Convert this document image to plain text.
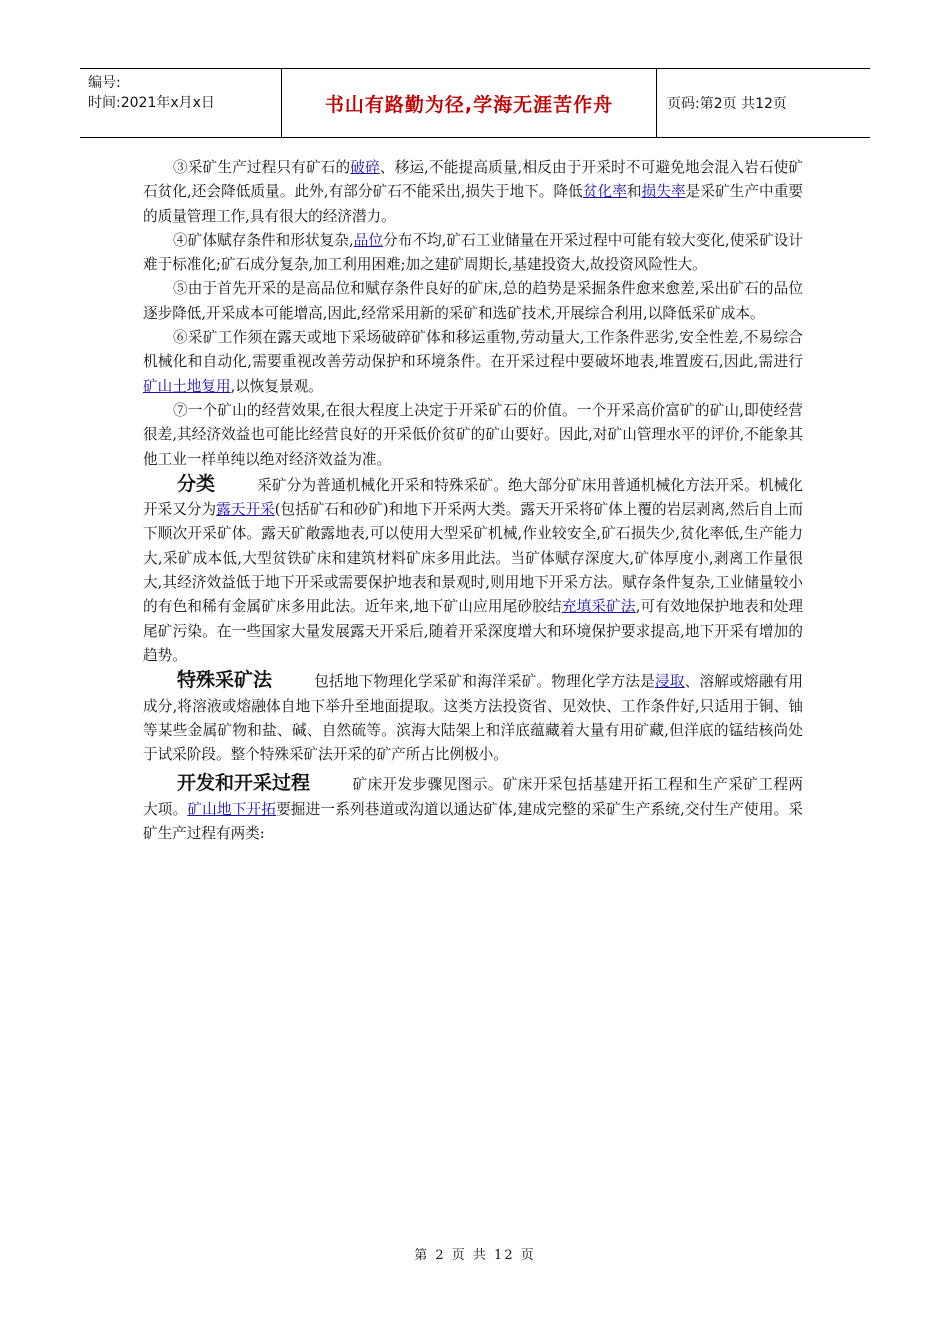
编号:
时间:2021年x月x日	书山有路勤为径,学海无涯苦作舟	页码:第2页 共12页

③采矿生产过程只有矿石的破碎、移运,不能提高质量,相反由于开采时不可避免地会混入岩石使矿石贫化,还会降低质量。此外,有部分矿石不能采出,损失于地下。降低贫化率和损失率是采矿生产中重要的质量管理工作,具有很大的经济潜力。

④矿体赋存条件和形状复杂,品位分布不均,矿石工业储量在开采过程中可能有较大变化,使采矿设计难于标准化;矿石成分复杂,加工利用困难;加之建矿周期长,基建投资大,故投资风险性大。

⑤由于首先开采的是高品位和赋存条件良好的矿床,总的趋势是采掘条件愈来愈差,采出矿石的品位逐步降低,开采成本可能增高,因此,经常采用新的采矿和选矿技术,开展综合利用,以降低采矿成本。

⑥采矿工作须在露天或地下采场破碎矿体和移运重物,劳动量大,工作条件恶劣,安全性差,不易综合机械化和自动化,需要重视改善劳动保护和环境条件。在开采过程中要破坏地表,堆置废石,因此,需进行矿山土地复用,以恢复景观。

⑦一个矿山的经营效果,在很大程度上决定于开采矿石的价值。一个开采高价富矿的矿山,即使经营很差,其经济效益也可能比经营良好的开采低价贫矿的矿山要好。因此,对矿山管理水平的评价,不能象其他工业一样单纯以绝对经济效益为准。

分类	采矿分为普通机械化开采和特殊采矿。绝大部分矿床用普通机械化方法开采。机械化开采又分为露天开采(包括矿石和砂矿)和地下开采两大类。露天开采将矿体上覆的岩层剥离,然后自上而下顺次开采矿体。露天矿敞露地表,可以使用大型采矿机械,作业较安全,矿石损失少,贫化率低,生产能力大,采矿成本低,大型贫铁矿床和建筑材料矿床多用此法。当矿体赋存深度大,矿体厚度小,剥离工作量很大,其经济效益低于地下开采或需要保护地表和景观时,则用地下开采方法。赋存条件复杂,工业储量较小的有色和稀有金属矿床多用此法。近年来,地下矿山应用尾砂胶结充填采矿法,可有效地保护地表和处理尾矿污染。在一些国家大量发展露天开采后,随着开采深度增大和环境保护要求提高,地下开采有增加的趋势。

特殊采矿法	包括地下物理化学采矿和海洋采矿。物理化学方法是浸取、溶解或熔融有用成分,将溶液或熔融体自地下举升至地面提取。这类方法投资省、见效快、工作条件好,只适用于铜、铀等某些金属矿物和盐、碱、自然硫等。滨海大陆架上和洋底蕴藏着大量有用矿藏,但洋底的锰结核尚处于试采阶段。整个特殊采矿法开采的矿产所占比例极小。

开发和开采过程	矿床开发步骤见图示。矿床开采包括基建开拓工程和生产采矿工程两大项。矿山地下开拓要掘进一系列巷道或沟道以通达矿体,建成完整的采矿生产系统,交付生产使用。采矿生产过程有两类:

第 2 页 共 12 页
